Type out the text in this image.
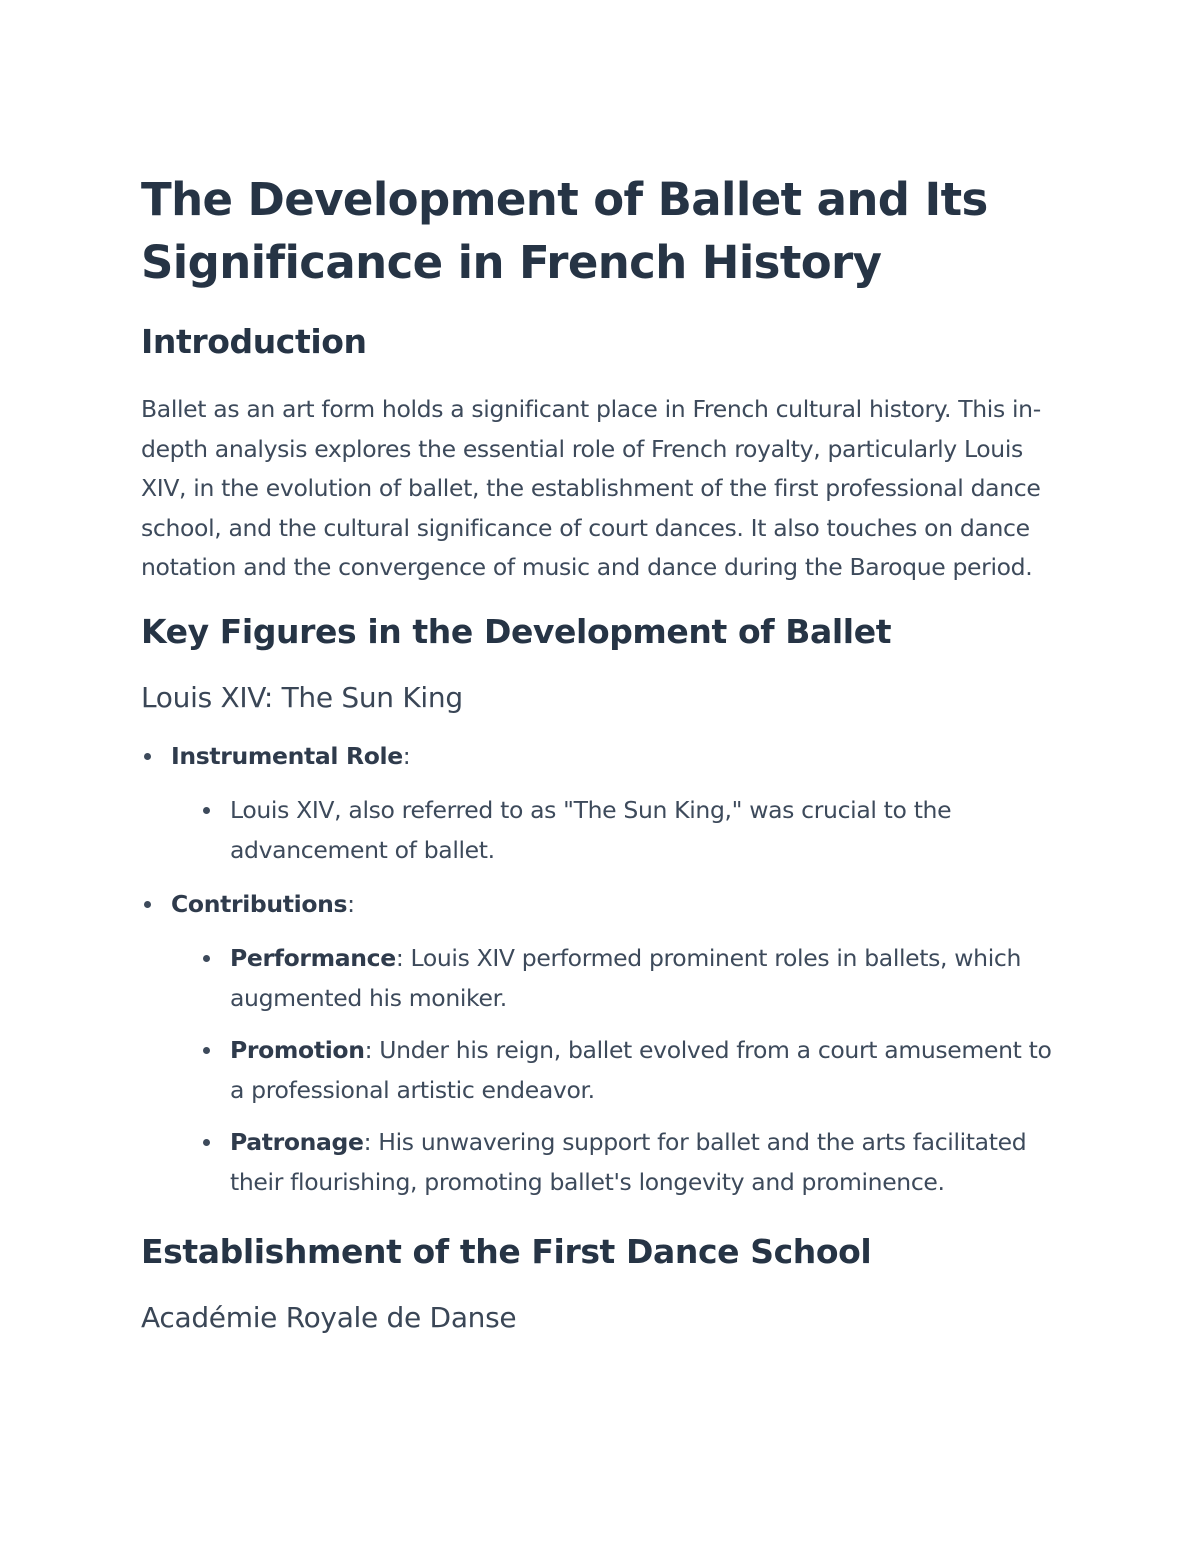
The Development of Ballet and Its Significance in French History
Introduction

Ballet as an art form holds a significant place in French cultural history. This in-depth analysis explores the essential role of French royalty, particularly Louis XIV, in the evolution of ballet, the establishment of the first professional dance school, and the cultural significance of court dances. It also touches on dance notation and the convergence of music and dance during the Baroque period.

Key Figures in the Development of Ballet
Louis XIV: The Sun King
Instrumental Role:
Louis XIV, also referred to as "The Sun King," was crucial to the advancement of ballet.
Contributions:
Performance: Louis XIV performed prominent roles in ballets, which augmented his moniker.
Promotion: Under his reign, ballet evolved from a court amusement to a professional artistic endeavor.
Patronage: His unwavering support for ballet and the arts facilitated their flourishing, promoting ballet's longevity and prominence.
Establishment of the First Dance School
Académie Royale de Danse
